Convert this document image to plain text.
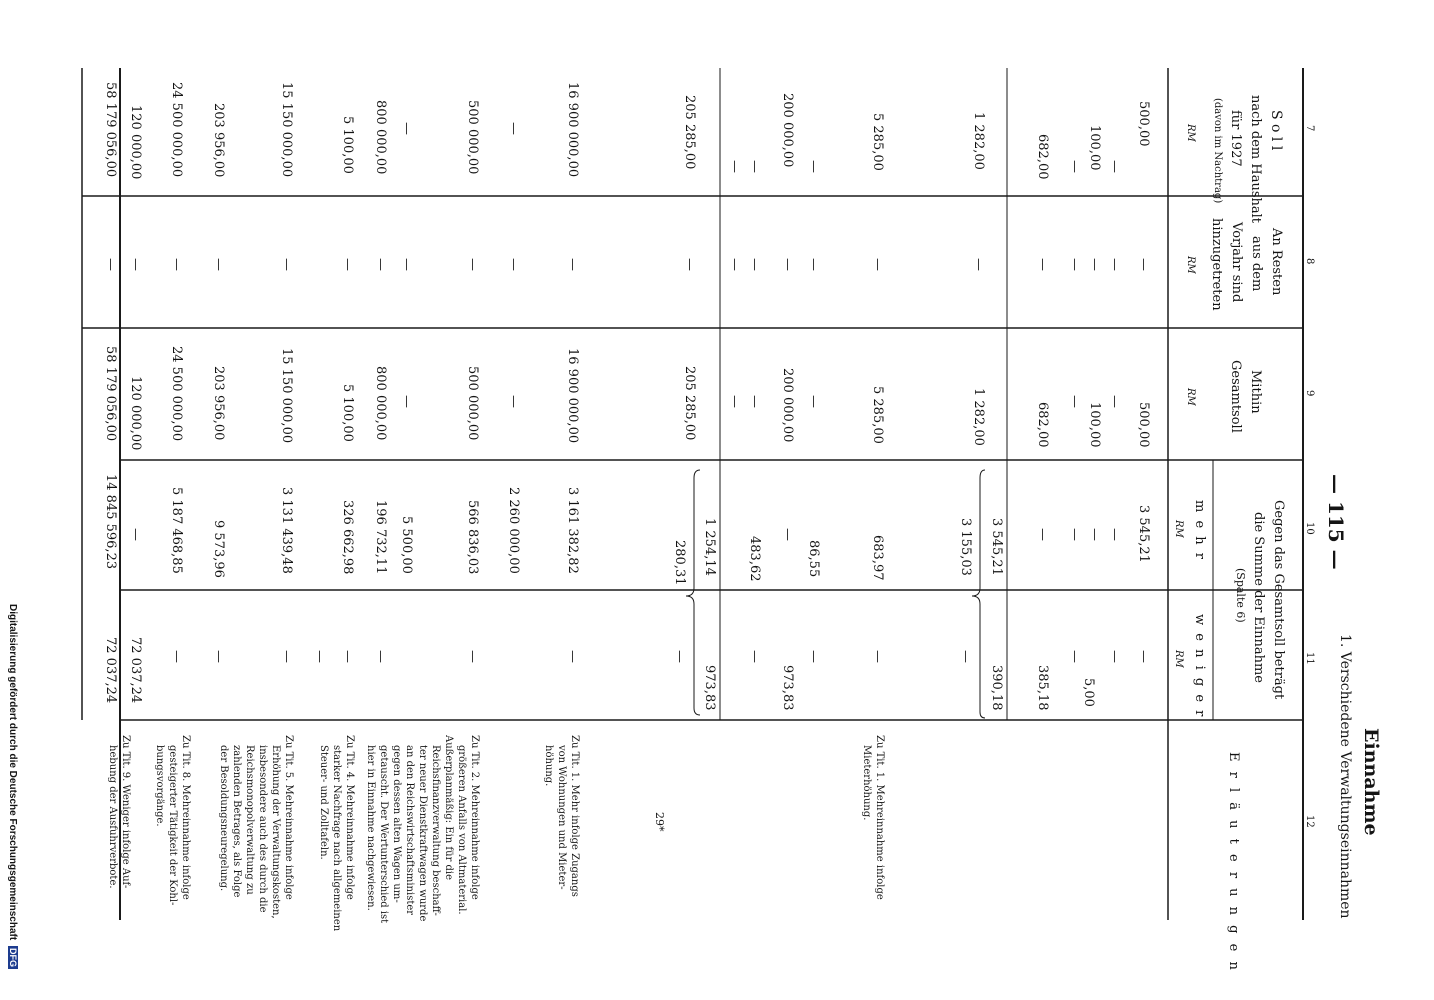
Digitalisierung gefördert durch die Deutsche Forschungsgemeinschaft DFG
Einnahme
1. Verschiedene Verwaltungseinnahmen
— 115 —
29*
7
8
9
10
11
12
S o l l
nach dem Haushalt
für 1927
(davon im Nachtrag)
RM
An Resten
aus dem
Vorjahr sind
hinzugetreten
RM
Mithin
Gesamtsoll
RM
Gegen das Gesamtsoll beträgt
die Summe der Einnahme
(Spalte 6)
m e h r
RM
w e n i g e r
RM
E r l ä u t e r u n g e n
500,00
—
100,00
—
682,00
1 282,00
5 285,00
—
200 000,00
—
—
205 285,00
16 900 000,00
—
500 000,00
—
800 000,00
5 100,00
15 150 000,00
203 956,00
24 500 000,00
120 000,00
58 179 056,00
—
—
—
—
—
—
—
—
—
—
—
—
—
—
—
—
—
—
—
—
—
—
—
500,00
—
100,00
—
682,00
1 282,00
5 285,00
—
200 000,00
—
—
205 285,00
16 900 000,00
—
500 000,00
—
800 000,00
5 100,00
15 150 000,00
203 956,00
24 500 000,00
120 000,00
58 179 056,00
3 545,21
—
—
—
—
3 545,21
3 155,03
683,97
86,55
—
483,62
1 254,14
280,31
3 161 382,82
2 260 000,00
566 836,03
5 500,00
196 732,11
326 662,98
3 131 439,48
9 573,96
5 187 468,85
—
14 845 596,23
—
—
5,00
—
385,18
390,18
—
—
—
973,83
—
973,83
—
—
—
—
—
—
—
—
—
72 037,24
72 037,24
Zu Tit. 1. Mehreinnahme infolge
Mieterhöhung.
Zu Tit. 1. Mehr infolge Zugangs
von Wohnungen und Mieter-
höhung.
Zu Tit. 2. Mehreinnahme infolge
größeren Anfalls von Altmaterial.
Außerplanmäßig: Ein für die
Reichsfinanzverwaltung beschaff-
ter neuer Dienstkraftwagen wurde
an den Reichswirtschaftsminister
gegen dessen alten Wagen um-
getauscht. Der Wertunterschied ist
hier in Einnahme nachgewiesen.
Zu Tit. 4. Mehreinnahme infolge
starker Nachfrage nach allgemeinen
Steuer- und Zolltafeln.
Zu Tit. 5. Mehreinnahme infolge
Erhöhung der Verwaltungskosten,
insbesondere auch des durch die
Reichsmonopolverwaltung zu
zahlenden Betrages, als Folge
der Besoldungsneuregelung.
Zu Tit. 8. Mehreinnahme infolge
gesteigerter Tätigkeit der Kohl-
bungsvorgänge.
Zu Tit. 9. Weniger infolge Auf-
hebung der Ausfuhrverbote.
